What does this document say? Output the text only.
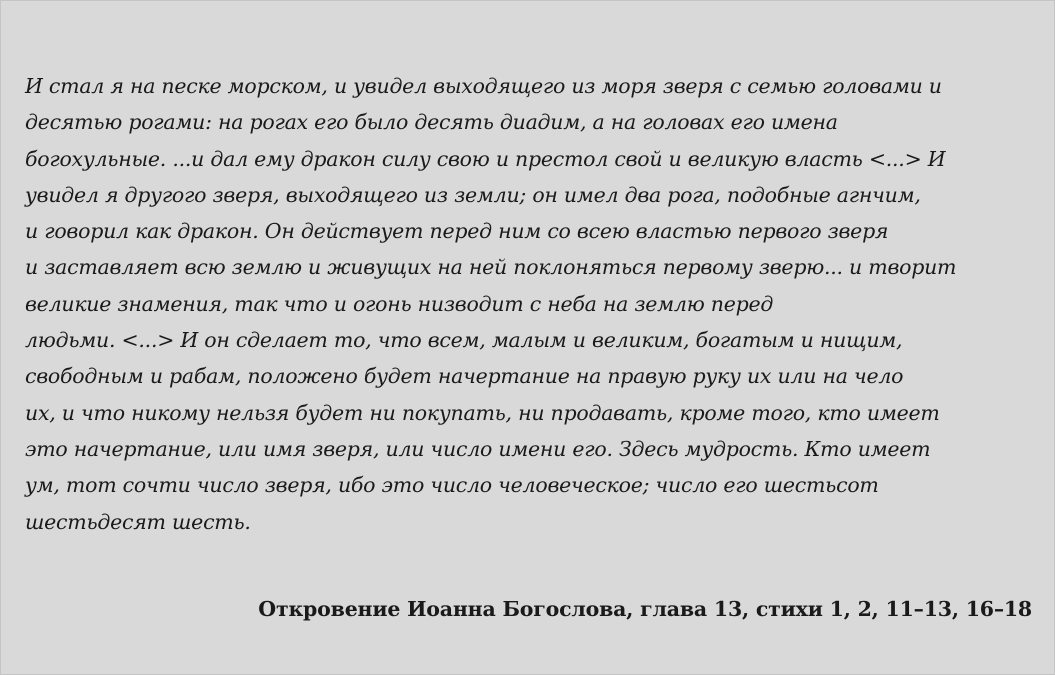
И стал я на песке морском, и увидел выходящего из моря зверя с семью головами и
десятью рогами: на рогах его было десять диадим, а на головах его имена
богохульные. ...и дал ему дракон силу свою и престол свой и великую власть <...> И
увидел я другого зверя, выходящего из земли; он имел два рога, подобные агнчим,
и говорил как дракон. Он действует перед ним со всею властью первого зверя
и заставляет всю землю и живущих на ней поклоняться первому зверю... и творит
великие знамения, так что и огонь низводит с неба на землю перед
людьми. <...> И он сделает то, что всем, малым и великим, богатым и нищим,
свободным и рабам, положено будет начертание на правую руку их или на чело
их, и что никому нельзя будет ни покупать, ни продавать, кроме того, кто имеет
это начертание, или имя зверя, или число имени его. Здесь мудрость. Кто имеет
ум, тот сочти число зверя, ибо это число человеческое; число его шестьсот
шестьдесят шесть.
Откровение Иоанна Богослова, глава 13, стихи 1, 2, 11–13, 16–18
